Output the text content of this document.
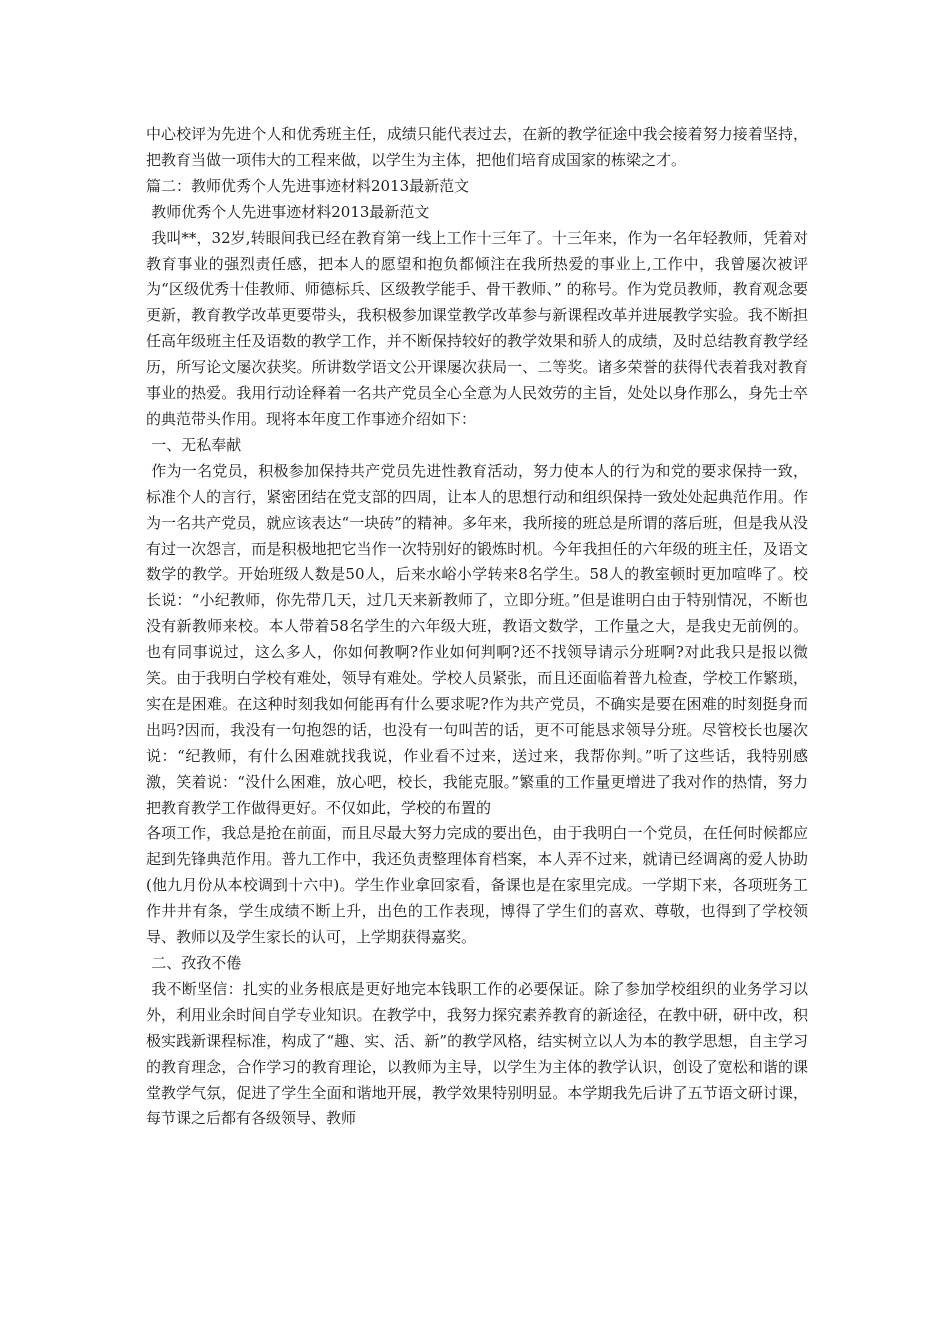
中心校评为先进个人和优秀班主任，成绩只能代表过去，在新的教学征途中我会接着努力接着坚持，把教育当做一项伟大的工程来做，以学生为主体，把他们培育成国家的栋梁之才。

篇二：教师优秀个人先进事迹材料2013最新范文

教师优秀个人先进事迹材料2013最新范文

我叫**，32岁,转眼间我已经在教育第一线上工作十三年了。十三年来，作为一名年轻教师，凭着对教育事业的强烈责任感，把本人的愿望和抱负都倾注在我所热爱的事业上,工作中，我曾屡次被评为“区级优秀十佳教师、师德标兵、区级教学能手、骨干教师、” 的称号。作为党员教师，教育观念要更新，教育教学改革更要带头，我积极参加课堂教学改革参与新课程改革并进展教学实验。我不断担任高年级班主任及语数的教学工作，并不断保持较好的教学效果和骄人的成绩，及时总结教育教学经历，所写论文屡次获奖。所讲数学语文公开课屡次获局一、二等奖。诸多荣誉的获得代表着我对教育事业的热爱。我用行动诠释着一名共产党员全心全意为人民效劳的主旨，处处以身作那么，身先士卒的典范带头作用。现将本年度工作事迹介绍如下：

一、无私奉献

作为一名党员，积极参加保持共产党员先进性教育活动，努力使本人的行为和党的要求保持一致，标准个人的言行，紧密团结在党支部的四周，让本人的思想行动和组织保持一致处处起典范作用。作为一名共产党员，就应该表达“一块砖”的精神。多年来，我所接的班总是所谓的落后班，但是我从没有过一次怨言，而是积极地把它当作一次特别好的锻炼时机。今年我担任的六年级的班主任，及语文数学的教学。开始班级人数是50人，后来水峪小学转来8名学生。58人的教室顿时更加喧哗了。校长说：“小纪教师，你先带几天，过几天来新教师了，立即分班。”但是谁明白由于特别情况，不断也没有新教师来校。本人带着58名学生的六年级大班，教语文数学，工作量之大，是我史无前例的。也有同事说过，这么多人，你如何教啊?作业如何判啊?还不找领导请示分班啊?对此我只是报以微笑。由于我明白学校有难处，领导有难处。学校人员紧张，而且还面临着普九检查，学校工作繁琐，实在是困难。在这种时刻我如何能再有什么要求呢?作为共产党员，不确实是要在困难的时刻挺身而出吗?因而，我没有一句抱怨的话，也没有一句叫苦的话，更不可能恳求领导分班。尽管校长也屡次说：“纪教师，有什么困难就找我说，作业看不过来，送过来，我帮你判。”听了这些话，我特别感激，笑着说：“没什么困难，放心吧，校长，我能克服。”繁重的工作量更增进了我对作的热情，努力把教育教学工作做得更好。不仅如此，学校的布置的

各项工作，我总是抢在前面，而且尽最大努力完成的要出色，由于我明白一个党员，在任何时候都应起到先锋典范作用。普九工作中，我还负责整理体育档案，本人弄不过来，就请已经调离的爱人协助(他九月份从本校调到十六中)。学生作业拿回家看，备课也是在家里完成。一学期下来，各项班务工作井井有条，学生成绩不断上升，出色的工作表现，博得了学生们的喜欢、尊敬，也得到了学校领导、教师以及学生家长的认可，上学期获得嘉奖。

二、孜孜不倦

我不断坚信：扎实的业务根底是更好地完本钱职工作的必要保证。除了参加学校组织的业务学习以外，利用业余时间自学专业知识。在教学中，我努力探究素养教育的新途径，在教中研，研中改，积极实践新课程标准，构成了“趣、实、活、新”的教学风格，结实树立以人为本的教学思想，自主学习的教育理念，合作学习的教育理论，以教师为主导，以学生为主体的教学认识，创设了宽松和谐的课堂教学气氛，促进了学生全面和谐地开展，教学效果特别明显。本学期我先后讲了五节语文研讨课，每节课之后都有各级领导、教师
